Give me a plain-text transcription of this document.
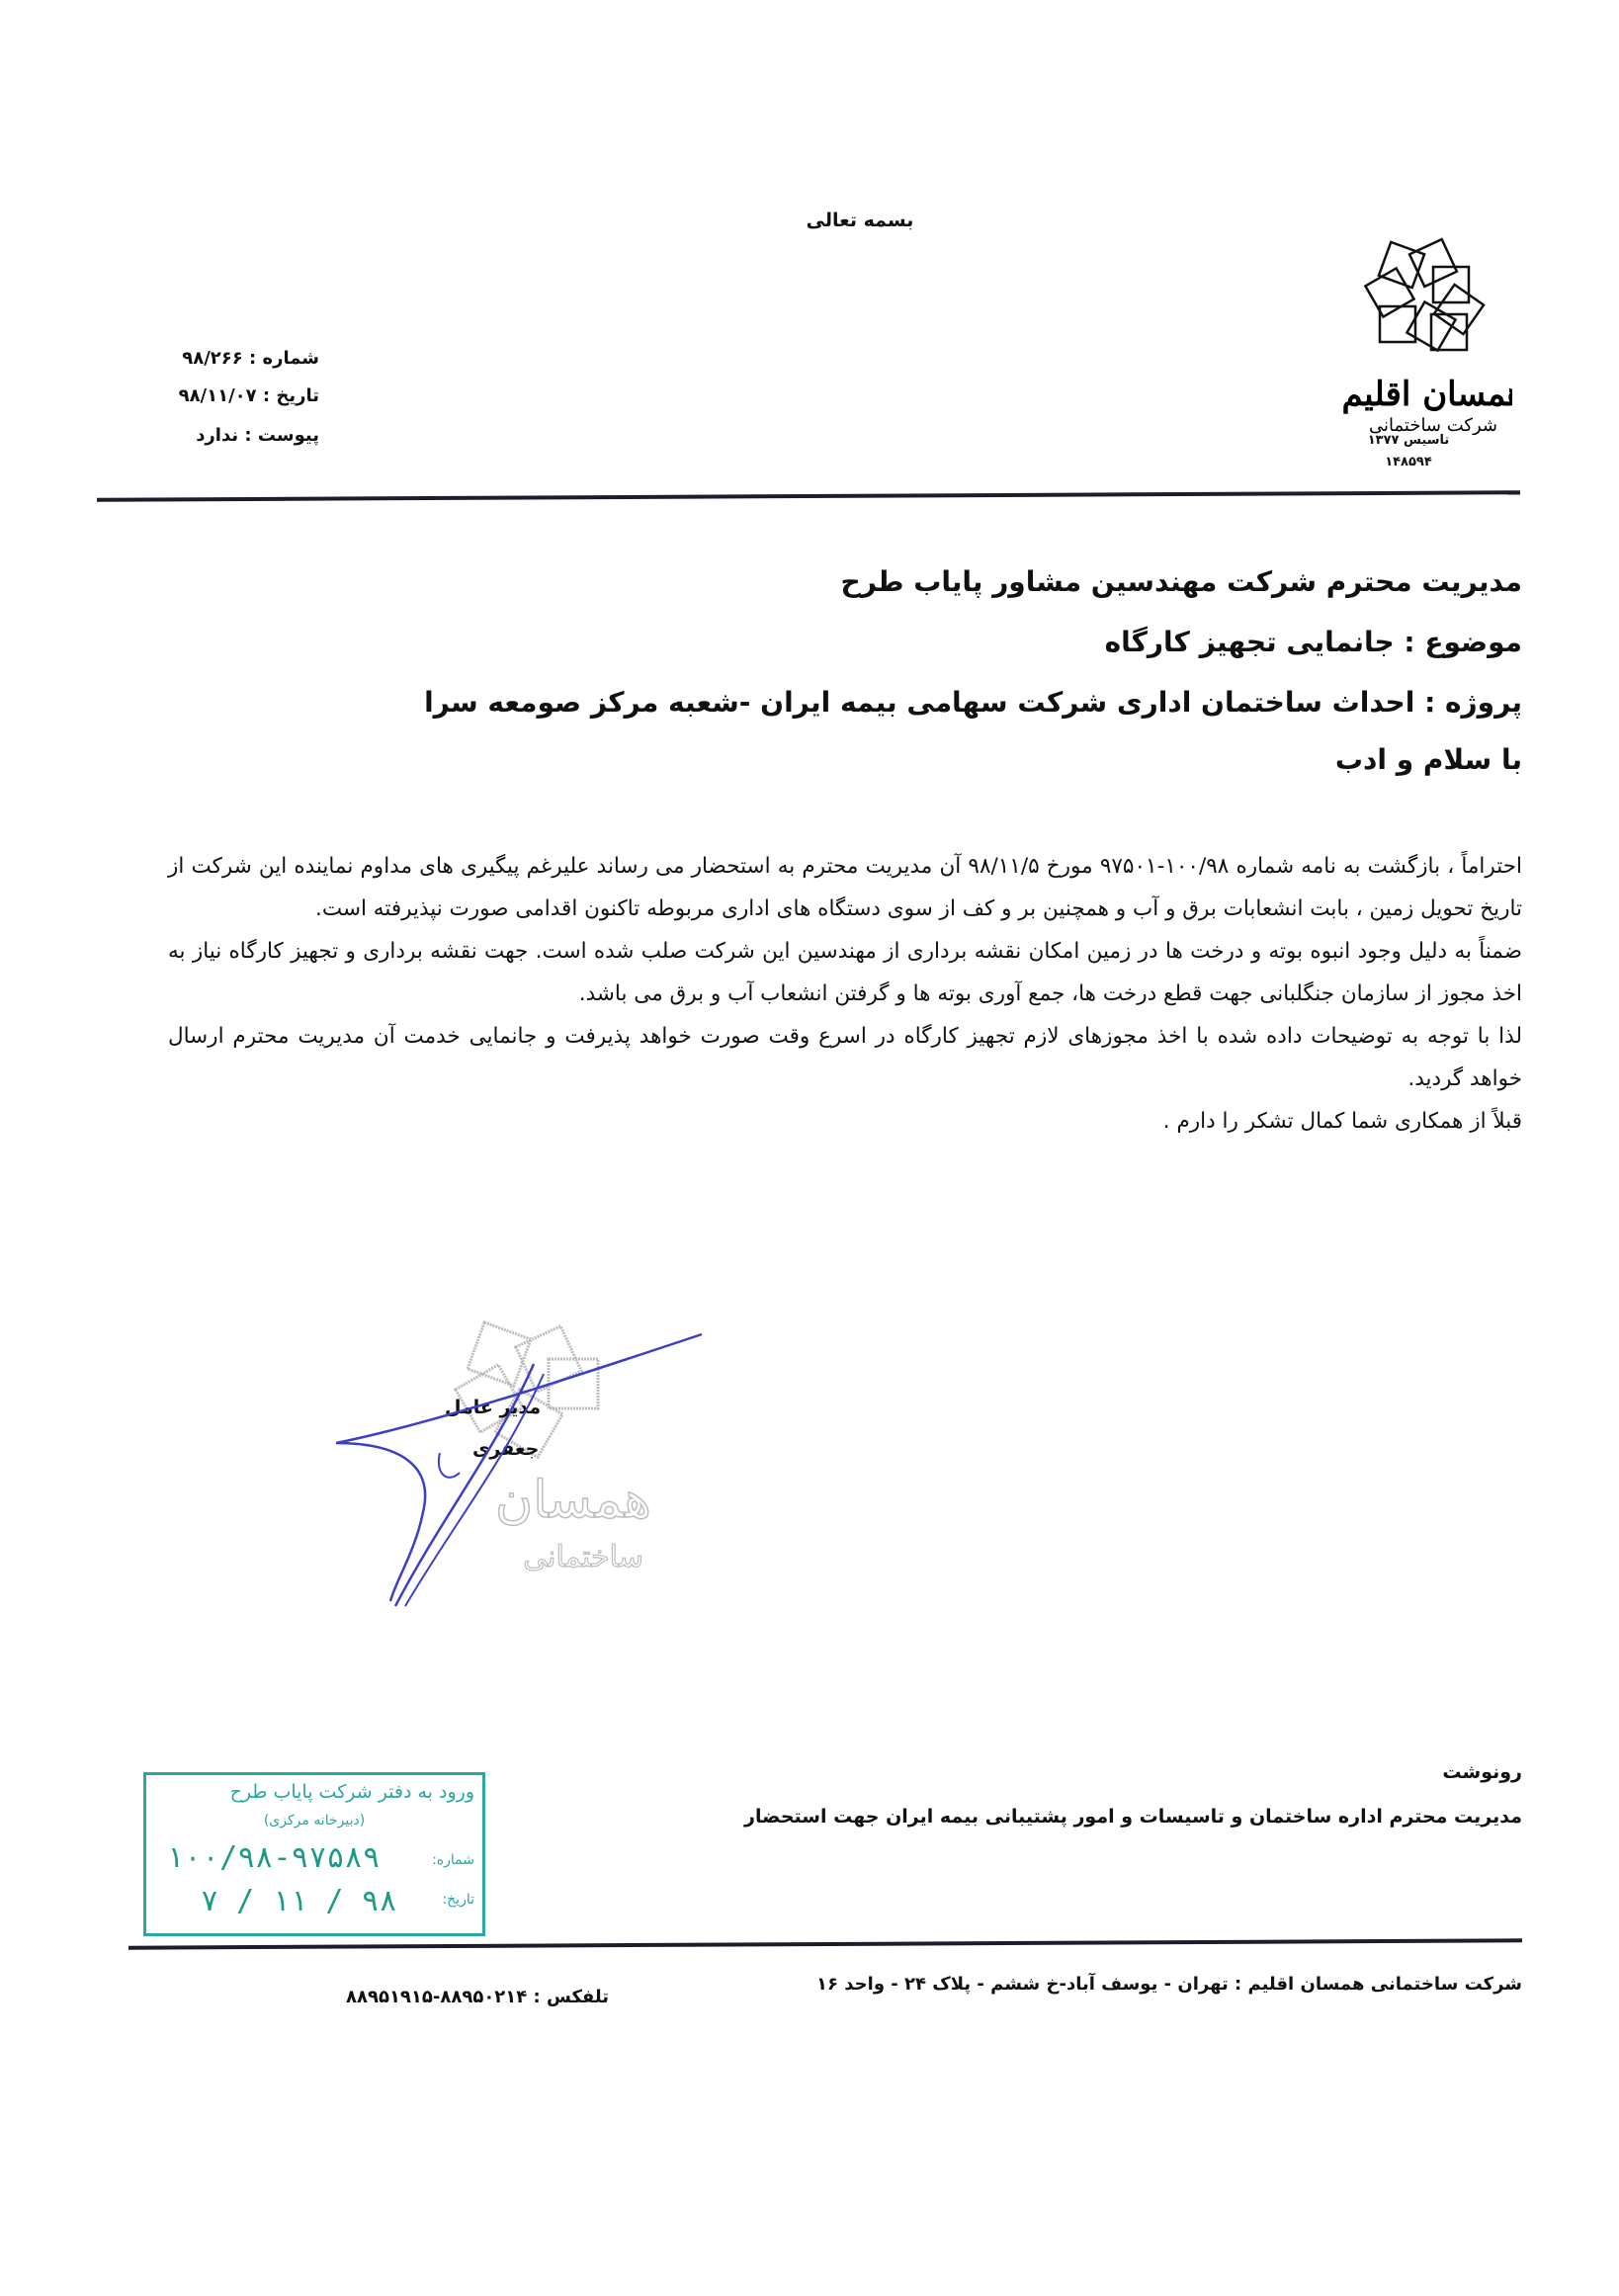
بسمه تعالی
همسان اقلیم
شرکت ساختمانی
تاسیس ۱۳۷۷
۱۴۸۵۹۴
شماره : ۹۸/۲۶۶
تاریخ : ۹۸/۱۱/۰۷
پیوست : ندارد
مدیریت محترم شرکت مهندسین مشاور پایاب طرح
موضوع : جانمایی تجهیز کارگاه
پروژه : احداث ساختمان اداری شرکت سهامی بیمه ایران -شعبه مرکز صومعه سرا
با سلام و ادب

احتراماً ، بازگشت به نامه شماره ۱۰۰/۹۸-۹۷۵۰۱ مورخ ۹۸/۱۱/۵ آن مدیریت محترم به استحضار می رساند علیرغم پیگیری های مداوم نماینده این شرکت از تاریخ تحویل زمین ، بابت انشعابات برق و آب و همچنین بر و کف از سوی دستگاه های اداری مربوطه تاکنون اقدامی صورت نپذیرفته است.

ضمناً به دلیل وجود انبوه بوته و درخت ها در زمین امکان نقشه برداری از مهندسین این شرکت صلب شده است. جهت نقشه برداری و تجهیز کارگاه نیاز به اخذ مجوز از سازمان جنگلبانی جهت قطع درخت ها، جمع آوری بوته ها و گرفتن انشعاب آب و برق می باشد.

لذا با توجه به توضیحات داده شده با اخذ مجوزهای لازم تجهیز کارگاه در اسرع وقت صورت خواهد پذیرفت و جانمایی خدمت آن مدیریت محترم ارسال خواهد گردید.

قبلاً از همکاری شما کمال تشکر را دارم .

همسان
ساختمانی
مدیر عامل
جعفری
رونوشت
مدیریت محترم اداره ساختمان و تاسیسات و امور پشتیبانی بیمه ایران جهت استحضار
ورود به دفتر شرکت پایاب طرح
(دبیرخانه مرکزی)
شماره:
۱۰۰/۹۸-۹۷۵۸۹
تاریخ:
۹۸ / ۱۱ / ۷
شرکت ساختمانی همسان اقلیم : تهران - یوسف آباد-خ ششم - پلاک ۲۴ - واحد ۱۶
تلفکس : ۸۸۹۵۰۲۱۴-۸۸۹۵۱۹۱۵
